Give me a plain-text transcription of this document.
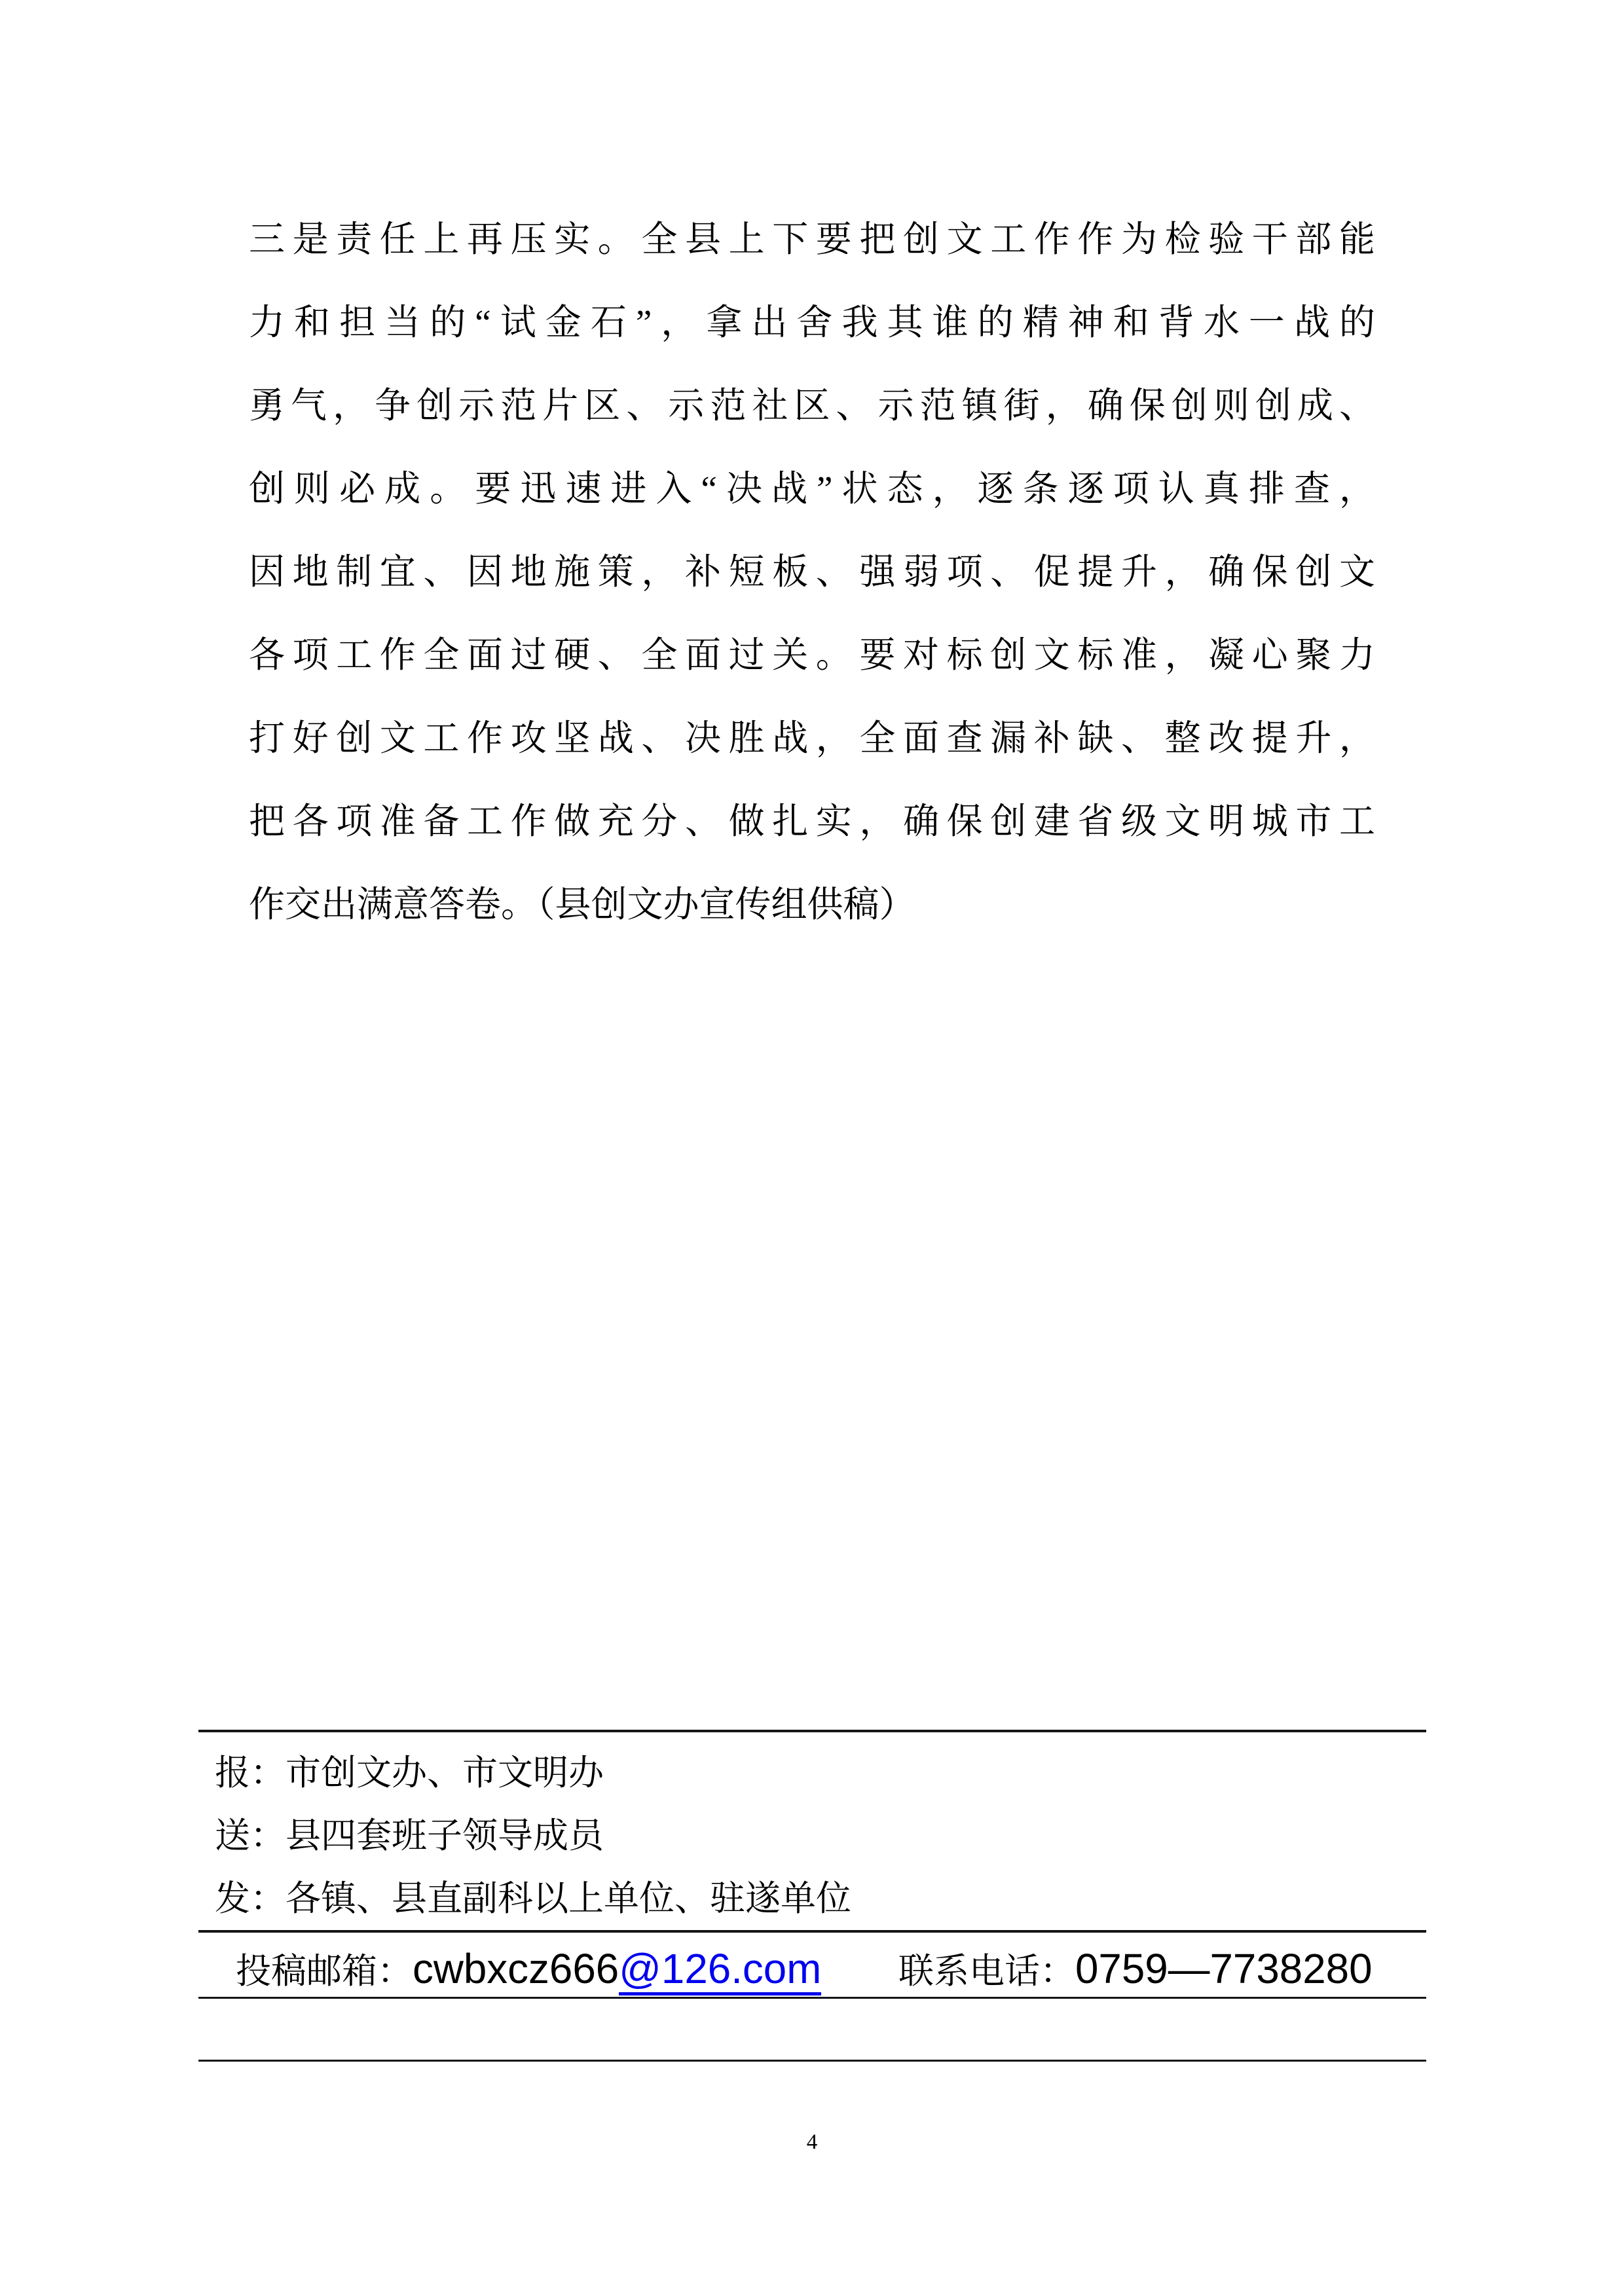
三是责任上再压实。全县上下要把创文工作作为检验干部能
力和担当的“试金石”，拿出舍我其谁的精神和背水一战的
勇气，争创示范片区、示范社区、示范镇街，确保创则创成、
创则必成。要迅速进入“决战”状态，逐条逐项认真排查，
因地制宜、因地施策，补短板、强弱项、促提升，确保创文
各项工作全面过硬、全面过关。要对标创文标准，凝心聚力
打好创文工作攻坚战、决胜战，全面查漏补缺、整改提升，
把各项准备工作做充分、做扎实，确保创建省级文明城市工
作交出满意答卷。（县创文办宣传组供稿）
报：市创文办、市文明办
送：县四套班子领导成员
发：各镇、县直副科以上单位、驻遂单位
投稿邮箱：cwbxcz666@126.com 联系电话：0759—7738280
4
